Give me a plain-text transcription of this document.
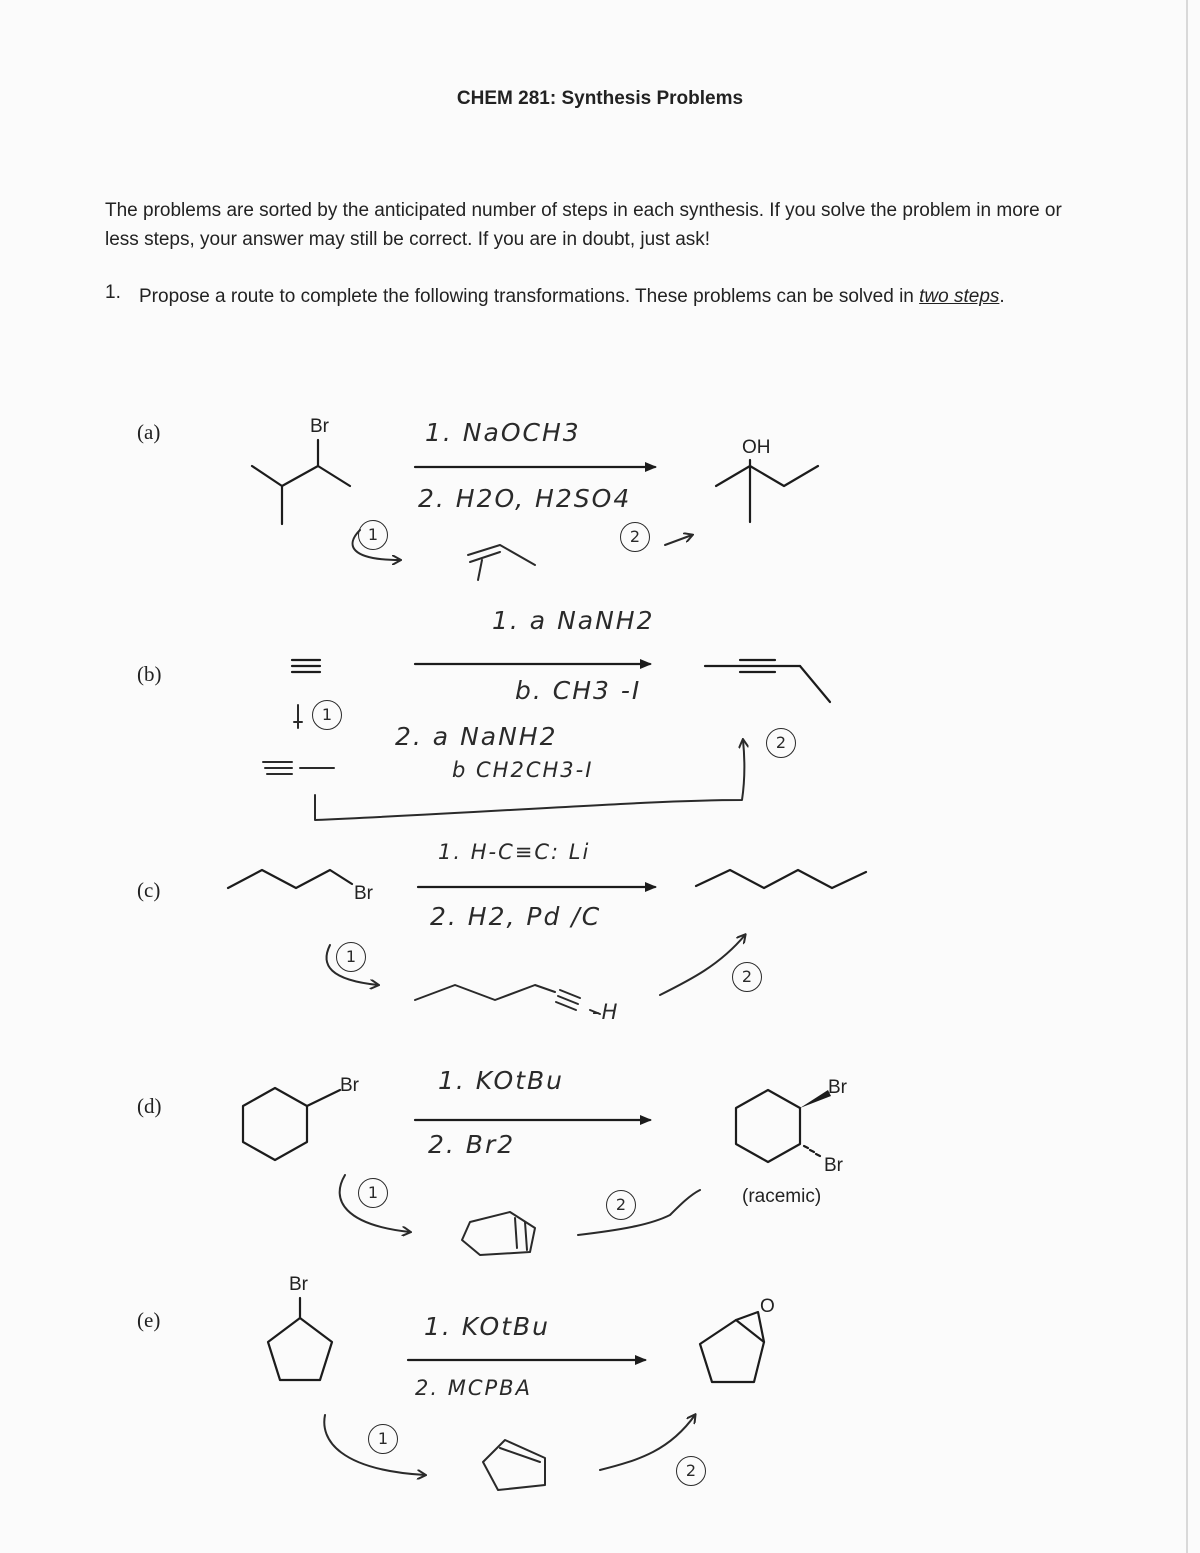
CHEM 281: Synthesis Problems
The problems are sorted by the anticipated number of steps in each synthesis. If you solve the problem in more or less steps, your answer may still be correct. If you are in doubt, just ask!
1. Propose a route to complete the following transformations. These problems can be solved in two steps.
(a)
(b)
(c)
(d)
(e)
Br
OH
Br
Br	Br
Br
(racemic)
Br
O
1. NaOCH3
2. H2O, H2SO4
1. a NaNH2
b. CH3 -I
2. a NaNH2
b CH2CH3-I
1. H-C≡C: Li
2. H2, Pd /C
-H
1. KOtBu
2. Br2
1. KOtBu
2. MCPBA
1	2
1
2
1
2
1
2
1
2
